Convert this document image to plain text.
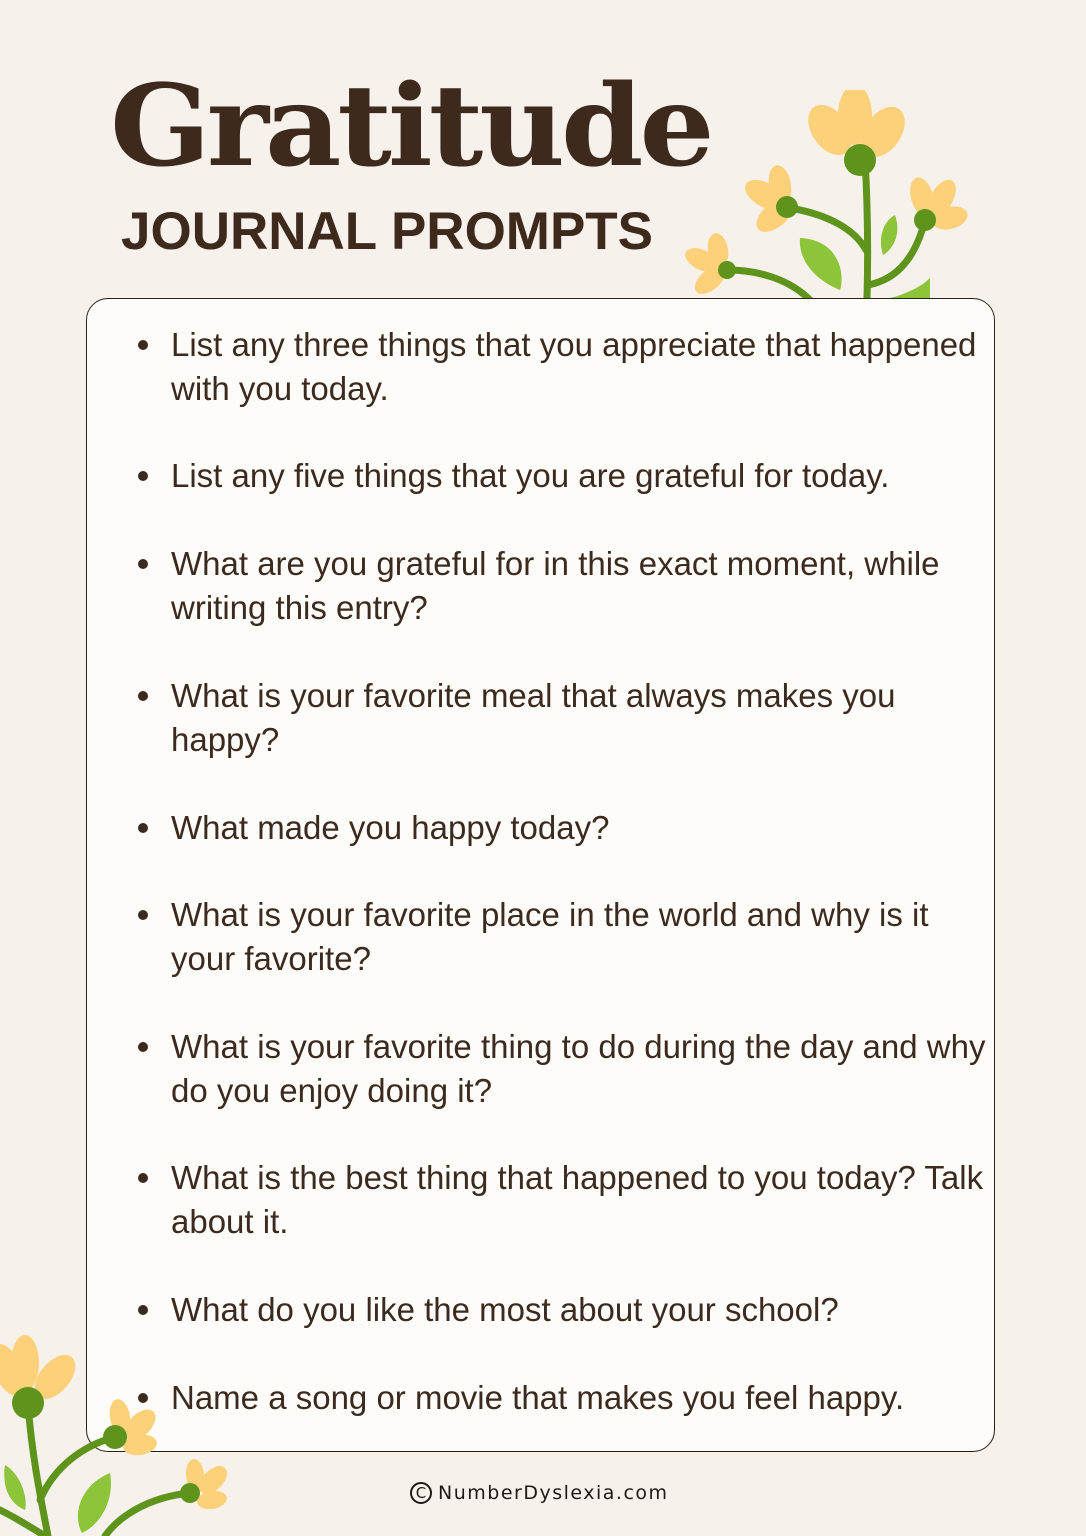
Gratitude
JOURNAL PROMPTS
List any three things that you appreciate that happened with you today.
List any five things that you are grateful for today.
What are you grateful for in this exact moment, while writing this entry?
What is your favorite meal that always makes you happy?
What made you happy today?
What is your favorite place in the world and why is it your favorite?
What is your favorite thing to do during the day and why do you enjoy doing it?
What is the best thing that happened to you today? Talk about it.
What do you like the most about your school?
Name a song or movie that makes you feel happy.
C NumberDyslexia.com
